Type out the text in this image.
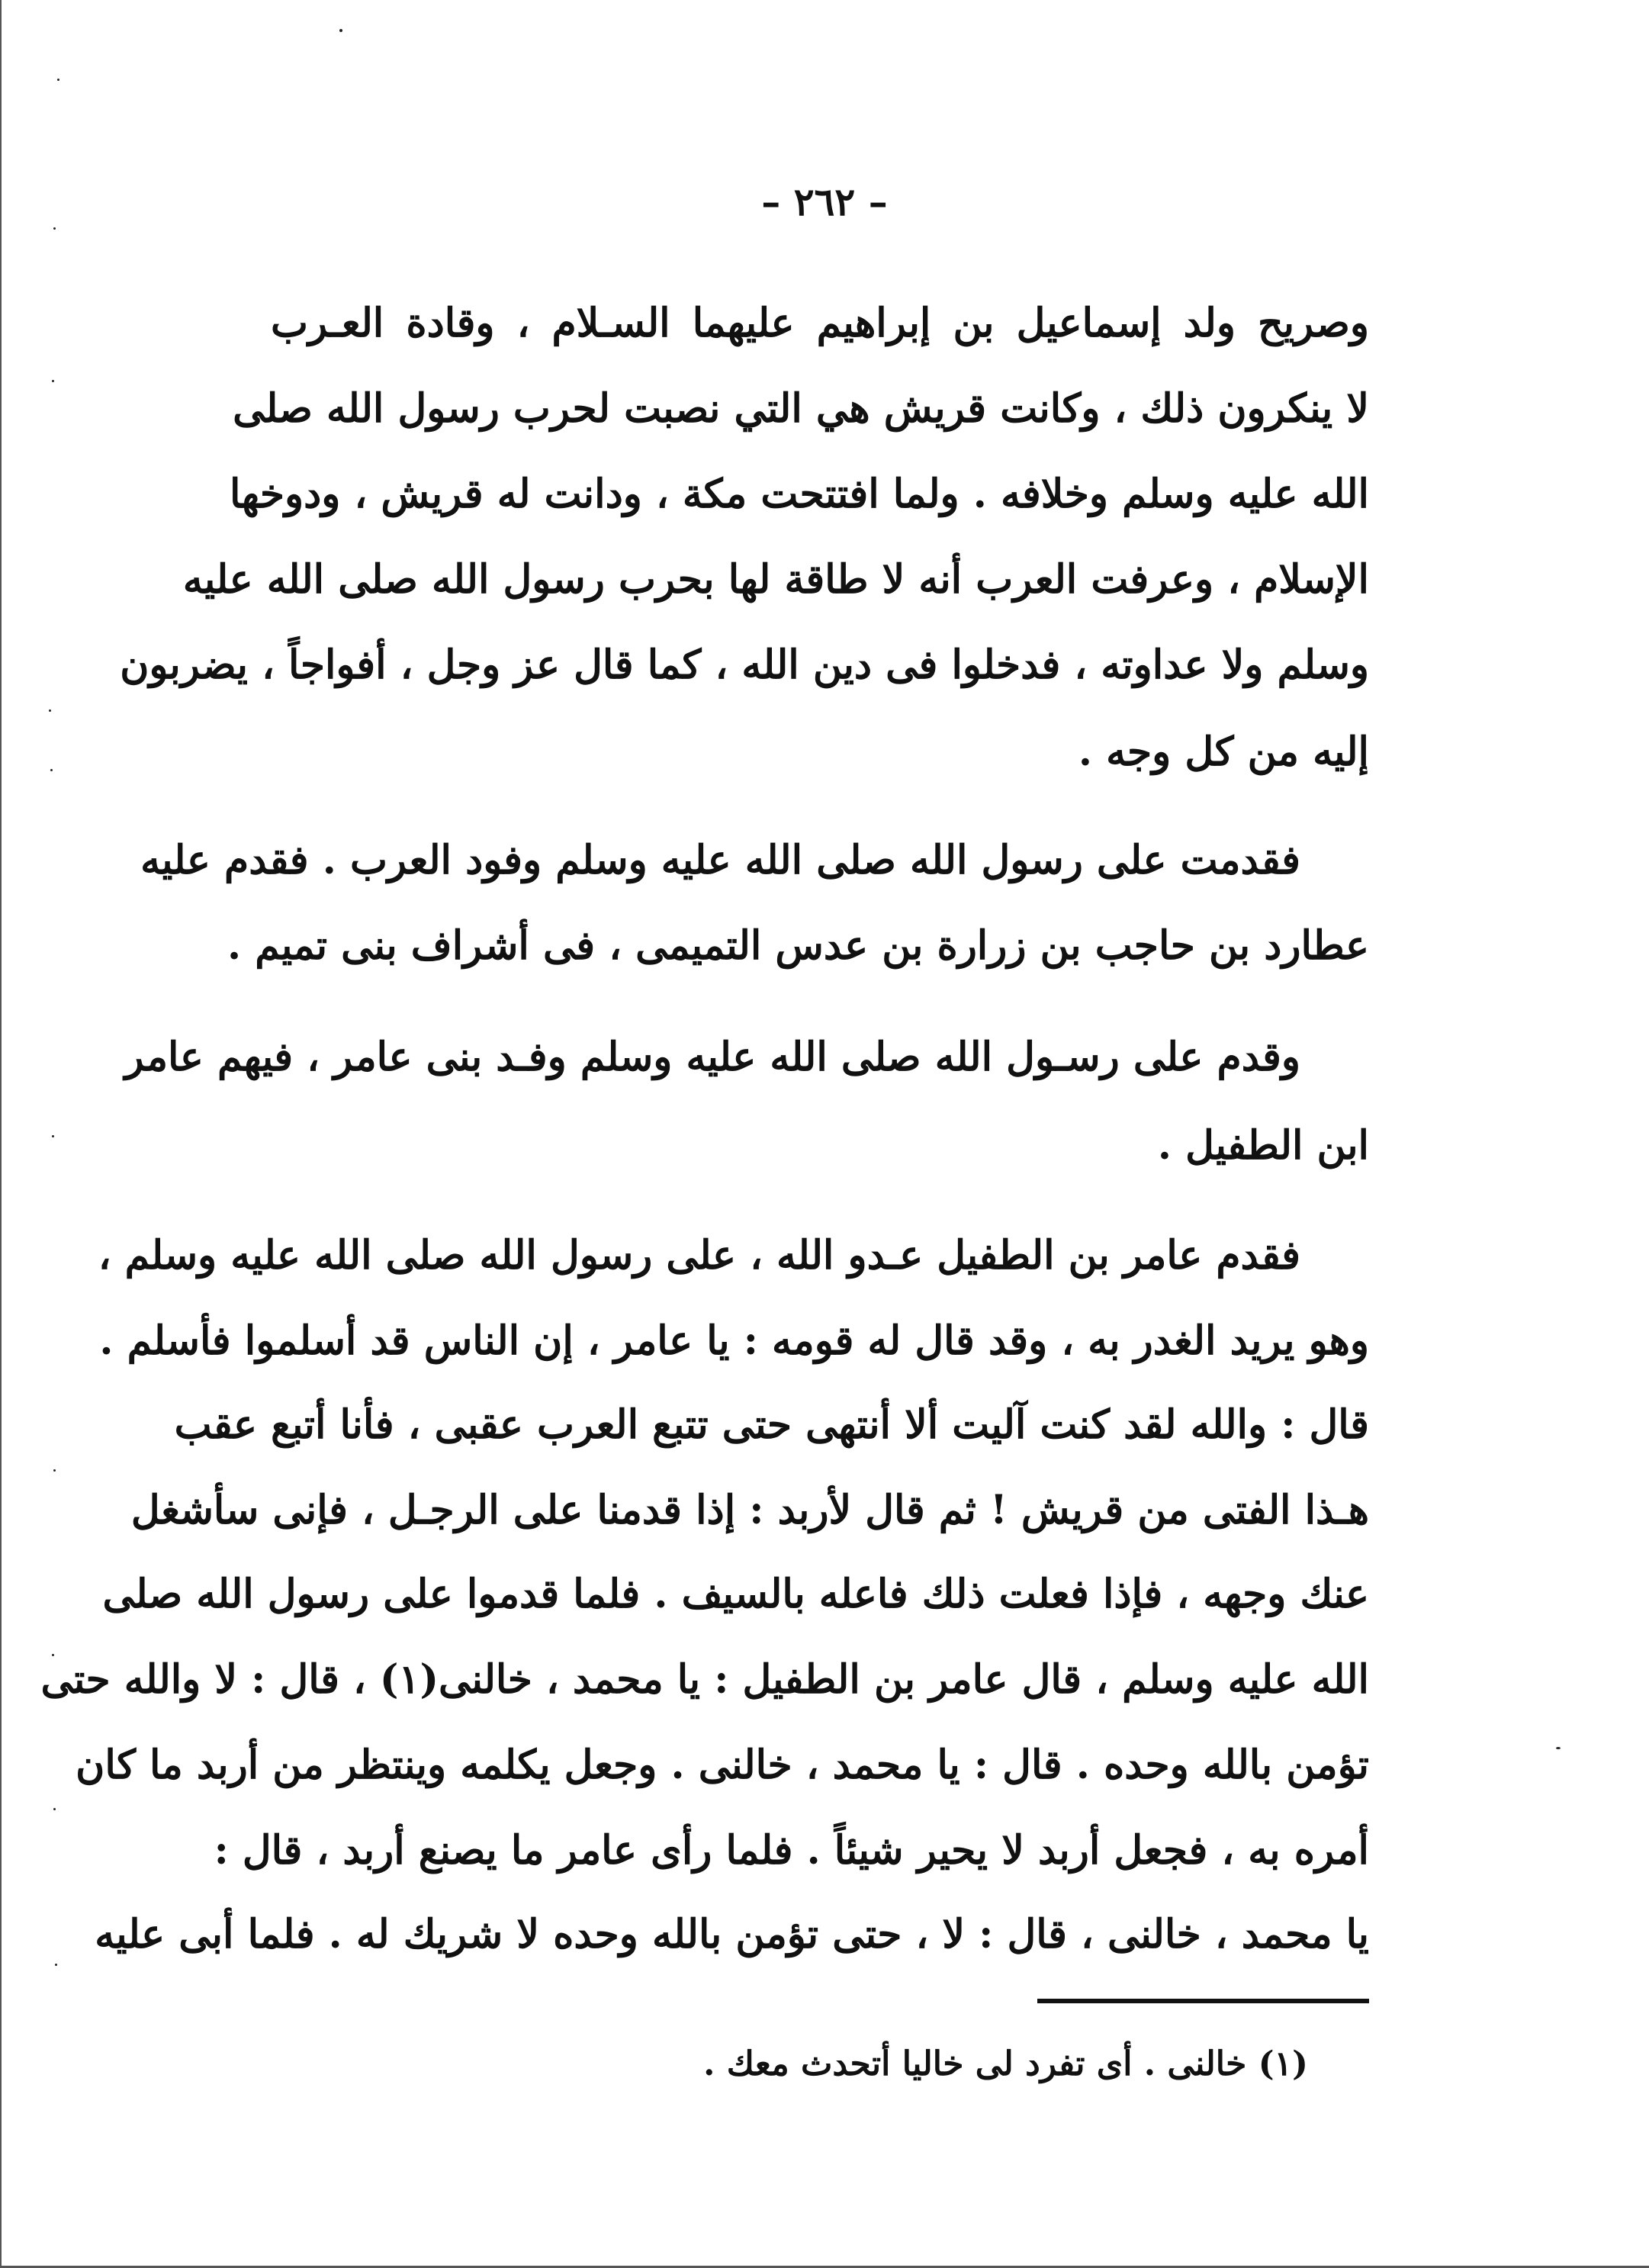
– ٢٦٢ –
وصريح ولد إسماعيل بن إبراهيم عليهما السـلام ، وقادة العـرب
لا ينكرون ذلك ، وكانت قريش هي التي نصبت لحرب رسول الله صلى
الله عليه وسلم وخلافه . ولما افتتحت مكة ، ودانت له قريش ، ودوخها
الإسلام ، وعرفت العرب أنه لا طاقة لها بحرب رسول الله صلى الله عليه
وسلم ولا عداوته ، فدخلوا فى دين الله ، كما قال عز وجل ، أفواجاً ، يضربون
إليه من كل وجه .
فقدمت على رسول الله صلى الله عليه وسلم وفود العرب . فقدم عليه
عطارد بن حاجب بن زرارة بن عدس التميمى ، فى أشراف بنى تميم .
وقدم على رسـول الله صلى الله عليه وسلم وفـد بنى عامر ، فيهم عامر
ابن الطفيل .
فقدم عامر بن الطفيل عـدو الله ، على رسول الله صلى الله عليه وسلم ،
وهو يريد الغدر به ، وقد قال له قومه : يا عامر ، إن الناس قد أسلموا فأسلم .
قال : والله لقد كنت آليت ألا أنتهى حتى تتبع العرب عقبى ، فأنا أتبع عقب
هـذا الفتى من قريش ! ثم قال لأربد : إذا قدمنا على الرجـل ، فإنى سأشغل
عنك وجهه ، فإذا فعلت ذلك فاعله بالسيف . فلما قدموا على رسول الله صلى
الله عليه وسلم ، قال عامر بن الطفيل : يا محمد ، خالنى(١) ، قال : لا والله حتى
تؤمن بالله وحده . قال : يا محمد ، خالنى . وجعل يكلمه وينتظر من أربد ما كان
أمره به ، فجعل أربد لا يحير شيئاً . فلما رأى عامر ما يصنع أربد ، قال :
يا محمد ، خالنى ، قال : لا ، حتى تؤمن بالله وحده لا شريك له . فلما أبى عليه
(١) خالنى . أى تفرد لى خاليا أتحدث معك .
